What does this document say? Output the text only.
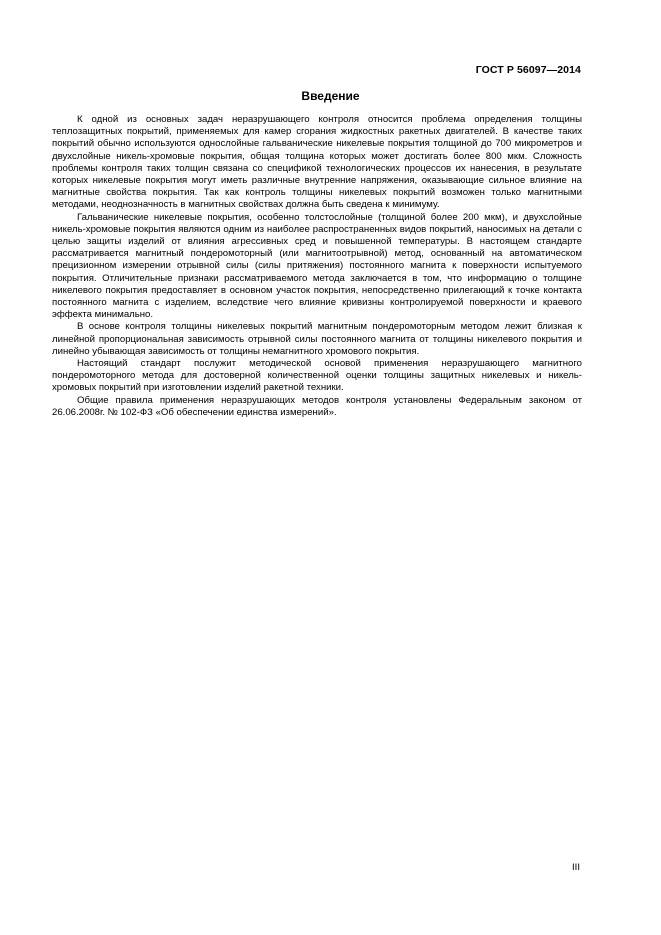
ГОСТ Р 56097—2014
Введение

К одной из основных задач неразрушающего контроля относится проблема определения толщины теплозащитных покрытий, применяемых для камер сгорания жидкостных ракетных двигателей. В качестве таких покрытий обычно используются однослойные гальванические никелевые покрытия толщиной до 700 микрометров и двухслойные никель-хромовые покрытия, общая толщина которых может достигать более 800 мкм. Сложность проблемы контроля таких толщин связана со спецификой технологических процессов их нанесения, в результате которых никелевые покрытия могут иметь различные внутренние напряжения, оказывающие сильное влияние на магнитные свойства покрытия. Так как контроль толщины никелевых покрытий возможен только магнитными методами, неоднозначность в магнитных свойствах должна быть сведена к минимуму.

Гальванические никелевые покрытия, особенно толстослойные (толщиной более 200 мкм), и двухслойные никель-хромовые покрытия являются одним из наиболее распространенных видов покрытий, наносимых на детали с целью защиты изделий от влияния агрессивных сред и повышенной температуры. В настоящем стандарте рассматривается магнитный пондеромоторный (или магнитоотрывной) метод, основанный на автоматическом прецизионном измерении отрывной силы (силы притяжения) постоянного магнита к поверхности испытуемого покрытия. Отличительные признаки рассматриваемого метода заключается в том, что информацию о толщине никелевого покрытия предоставляет в основном участок покрытия, непосредственно прилегающий к точке контакта постоянного магнита с изделием, вследствие чего влияние кривизны контролируемой поверхности и краевого эффекта минимально.

В основе контроля толщины никелевых покрытий магнитным пондеромоторным методом лежит близкая к линейной пропорциональная зависимость отрывной силы постоянного магнита от толщины никелевого покрытия и линейно убывающая зависимость от толщины немагнитного хромового покрытия.

Настоящий стандарт послужит методической основой применения неразрушающего магнитного пондеромоторного метода для достоверной количественной оценки толщины защитных никелевых и никель-хромовых покрытий при изготовлении изделий ракетной техники.

Общие правила применения неразрушающих методов контроля установлены Федеральным законом от 26.06.2008г. № 102-ФЗ «Об обеспечении единства измерений».

III
